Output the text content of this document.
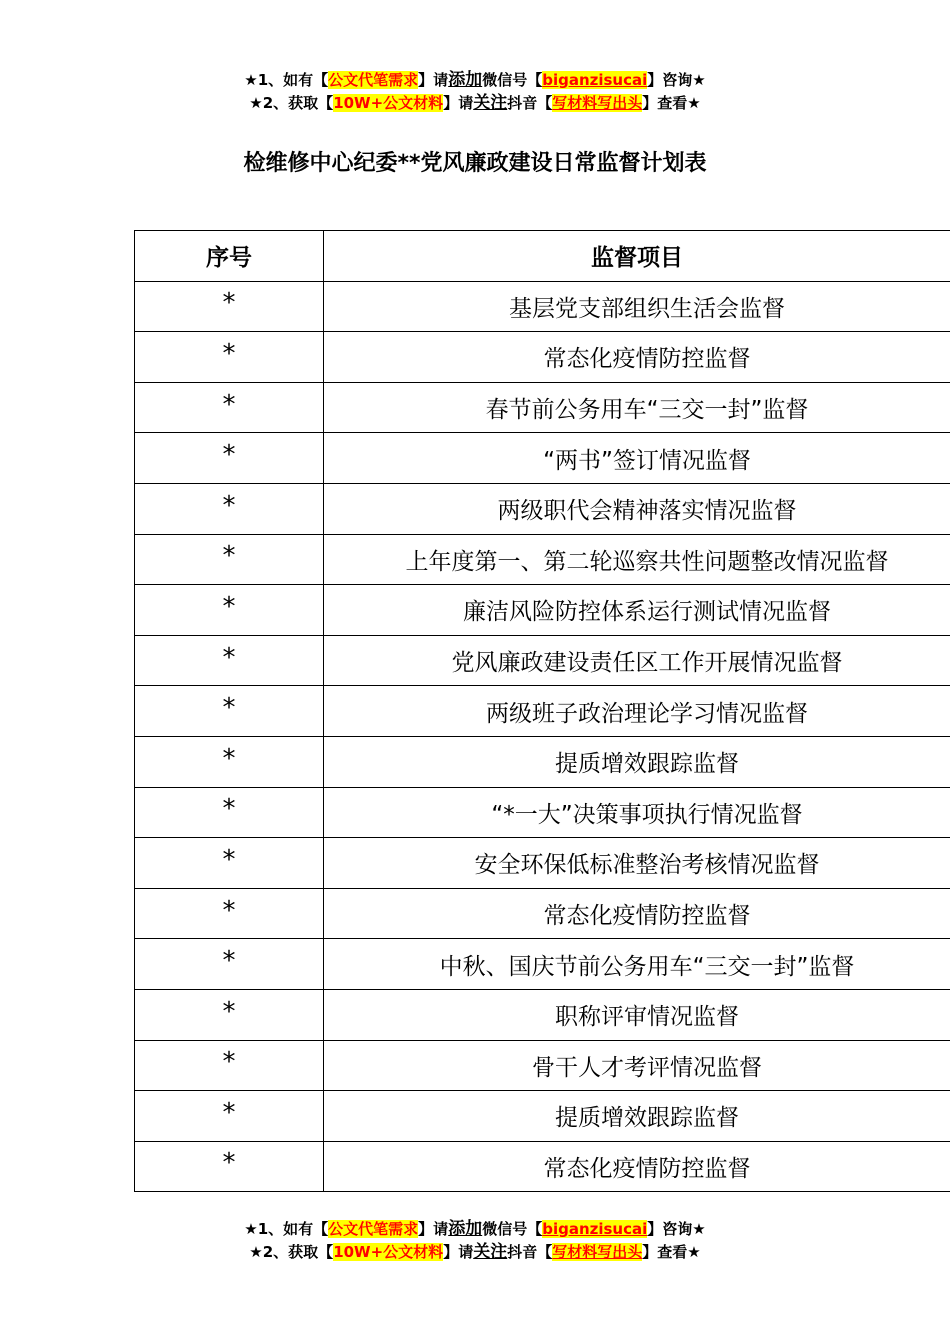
★1、如有【公文代笔需求】请添加微信号【biganzisucai】咨询★
★2、获取【10W+公文材料】请关注抖音【写材料写出头】查看★
检维修中心纪委**党风廉政建设日常监督计划表
序号	监督项目
*	基层党支部组织生活会监督
*	常态化疫情防控监督
*	春节前公务用车“三交一封”监督
*	“两书”签订情况监督
*	两级职代会精神落实情况监督
*	上年度第一、第二轮巡察共性问题整改情况监督
*	廉洁风险防控体系运行测试情况监督
*	党风廉政建设责任区工作开展情况监督
*	两级班子政治理论学习情况监督
*	提质增效跟踪监督
*	“*一大”决策事项执行情况监督
*	安全环保低标准整治考核情况监督
*	常态化疫情防控监督
*	中秋、国庆节前公务用车“三交一封”监督
*	职称评审情况监督
*	骨干人才考评情况监督
*	提质增效跟踪监督
*	常态化疫情防控监督
★1、如有【公文代笔需求】请添加微信号【biganzisucai】咨询★
★2、获取【10W+公文材料】请关注抖音【写材料写出头】查看★
